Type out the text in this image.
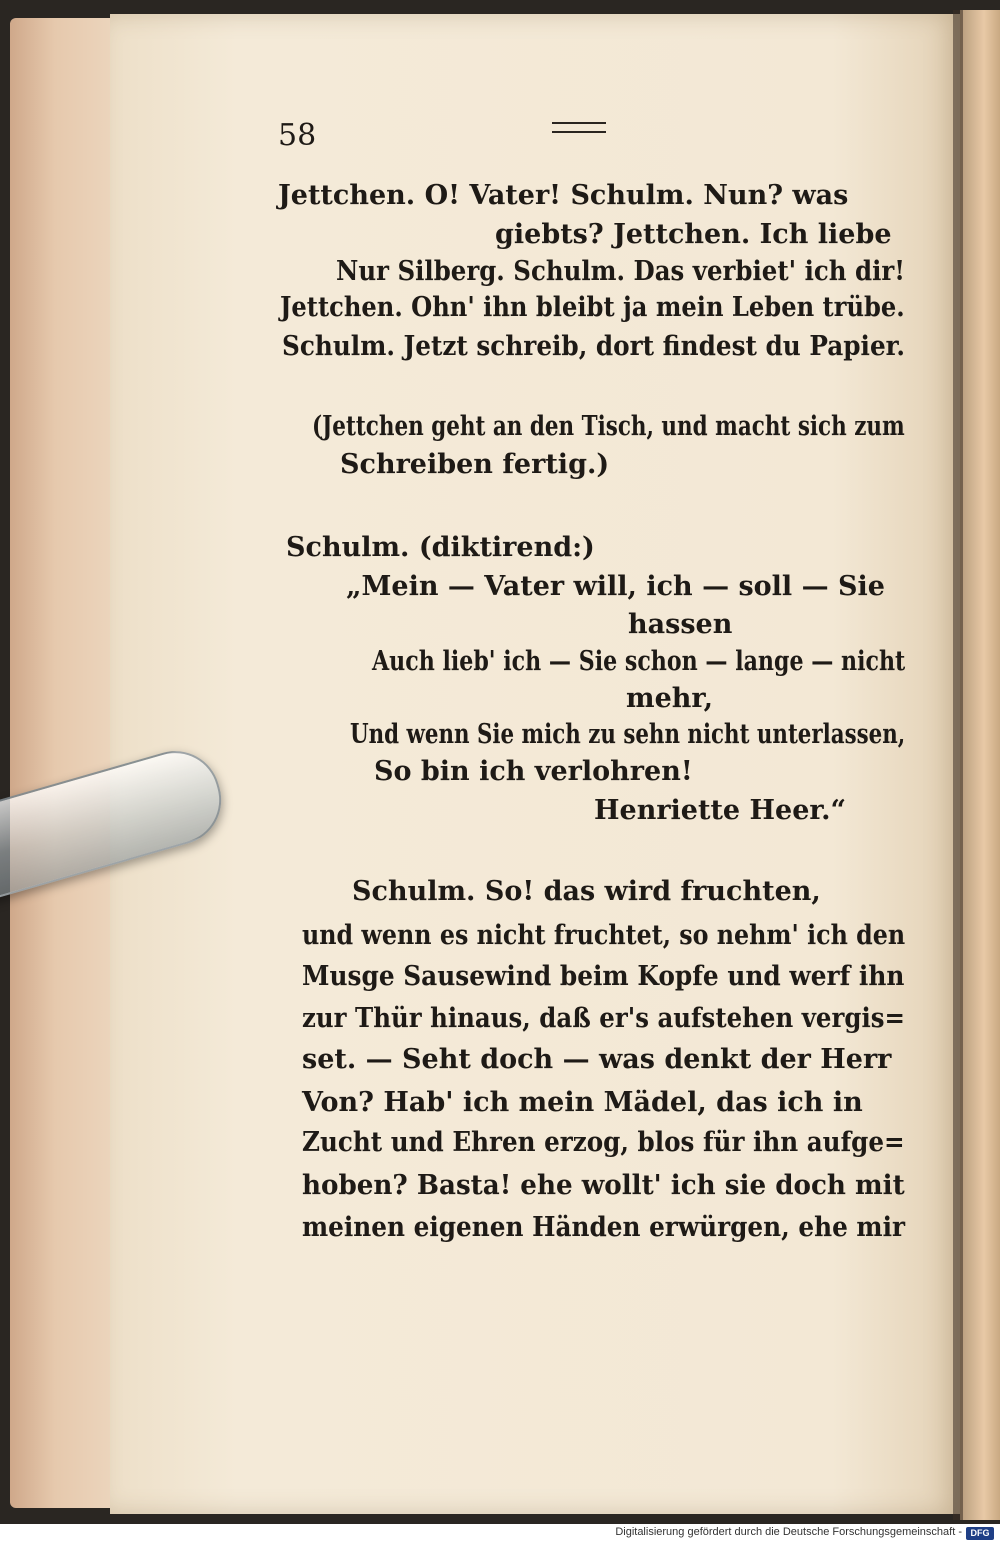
58
Jettchen. O! Vater! Schulm. Nun? was
giebts? Jettchen. Ich liebe
Nur Silberg. Schulm. Das verbiet' ich dir!
Jettchen. Ohn' ihn bleibt ja mein Leben trübe.
Schulm. Jetzt schreib, dort findest du Papier.
(Jettchen geht an den Tisch, und macht sich zum
Schreiben fertig.)
Schulm. (diktirend:)
„Mein — Vater will, ich — soll — Sie
hassen
Auch lieb' ich — Sie schon — lange — nicht
mehr,
Und wenn Sie mich zu sehn nicht unterlassen,
So bin ich verlohren!
Henriette Heer.“
Schulm. So! das wird fruchten,
und wenn es nicht fruchtet, so nehm' ich den
Musge Sausewind beim Kopfe und werf ihn
zur Thür hinaus, daß er's aufstehen vergis=
set. — Seht doch — was denkt der Herr
Von? Hab' ich mein Mädel, das ich in
Zucht und Ehren erzog, blos für ihn aufge=
hoben? Basta! ehe wollt' ich sie doch mit
meinen eigenen Händen erwürgen, ehe mir
Digitalisierung gefördert durch die Deutsche Forschungsgemeinschaft - DFG
